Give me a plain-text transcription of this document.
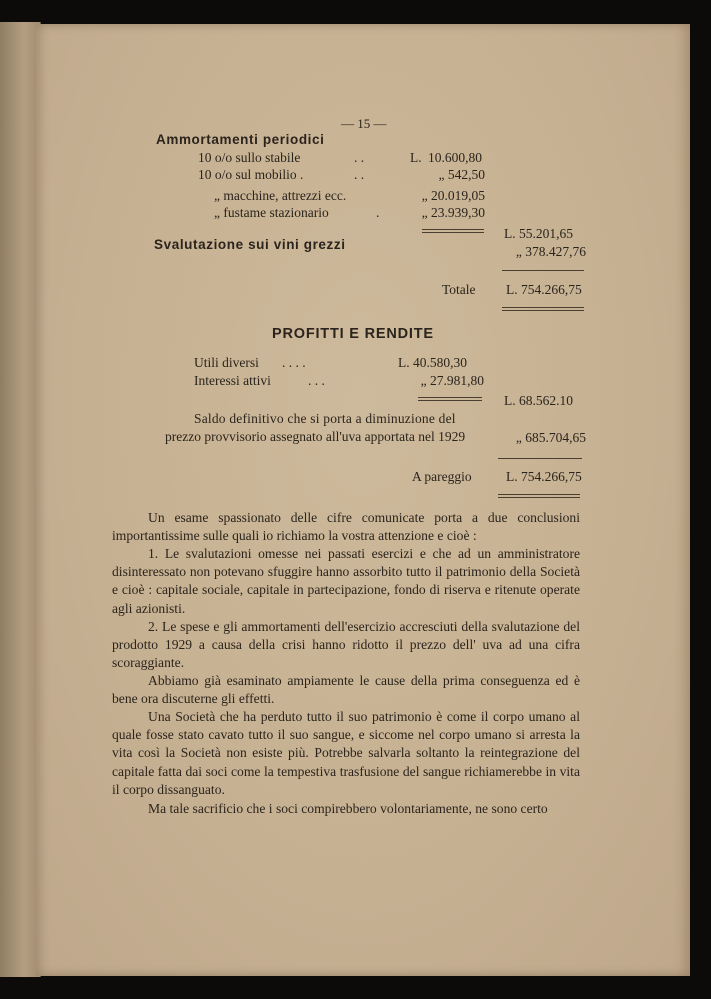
— 15 —
Ammortamenti periodici
10 o/o sullo stabile	. .	L. 10.600,80
10 o/o sul mobilio .	. .	„ 542,50
„ macchine, attrezzi ecc.	„ 20.019,05
„ fustame stazionario	.	„ 23.939,30
L. 55.201,65
Svalutazione sui vini grezzi	„ 378.427,76
Totale L. 754.266,75
PROFITTI E RENDITE
Utili diversi . . . .	L. 40.580,30
Interessi attivi	. . .	„ 27.981,80
L. 68.562.10
Saldo definitivo che si porta a diminuzione del
prezzo provvisorio assegnato all'uva apportata nel 1929	„ 685.704,65
A pareggio	L. 754.266,75
Un esame spassionato delle cifre comunicate porta a due conclusioni importantissime sulle quali io richiamo la vostra attenzione e cioè :
1. Le svalutazioni omesse nei passati esercizi e che ad un amministratore disinteressato non potevano sfuggire hanno assorbito tutto il patrimonio della Società e cioè : capitale sociale, capitale in partecipazione, fondo di riserva e ritenute operate agli azionisti.
2. Le spese e gli ammortamenti dell'esercizio accresciuti della svalutazione del prodotto 1929 a causa della crisi hanno ridotto il prezzo dell' uva ad una cifra scoraggiante.
Abbiamo già esaminato ampiamente le cause della prima conseguenza ed è bene ora discuterne gli effetti.
Una Società che ha perduto tutto il suo patrimonio è come il corpo umano al quale fosse stato cavato tutto il suo sangue, e siccome nel corpo umano si arresta la vita così la Società non esiste più. Potrebbe salvarla soltanto la reintegrazione del capitale fatta dai soci come la tempestiva trasfusione del sangue richiamerebbe in vita il corpo dissanguato.
Ma tale sacrificio che i soci compirebbero volontariamente, ne sono certo
